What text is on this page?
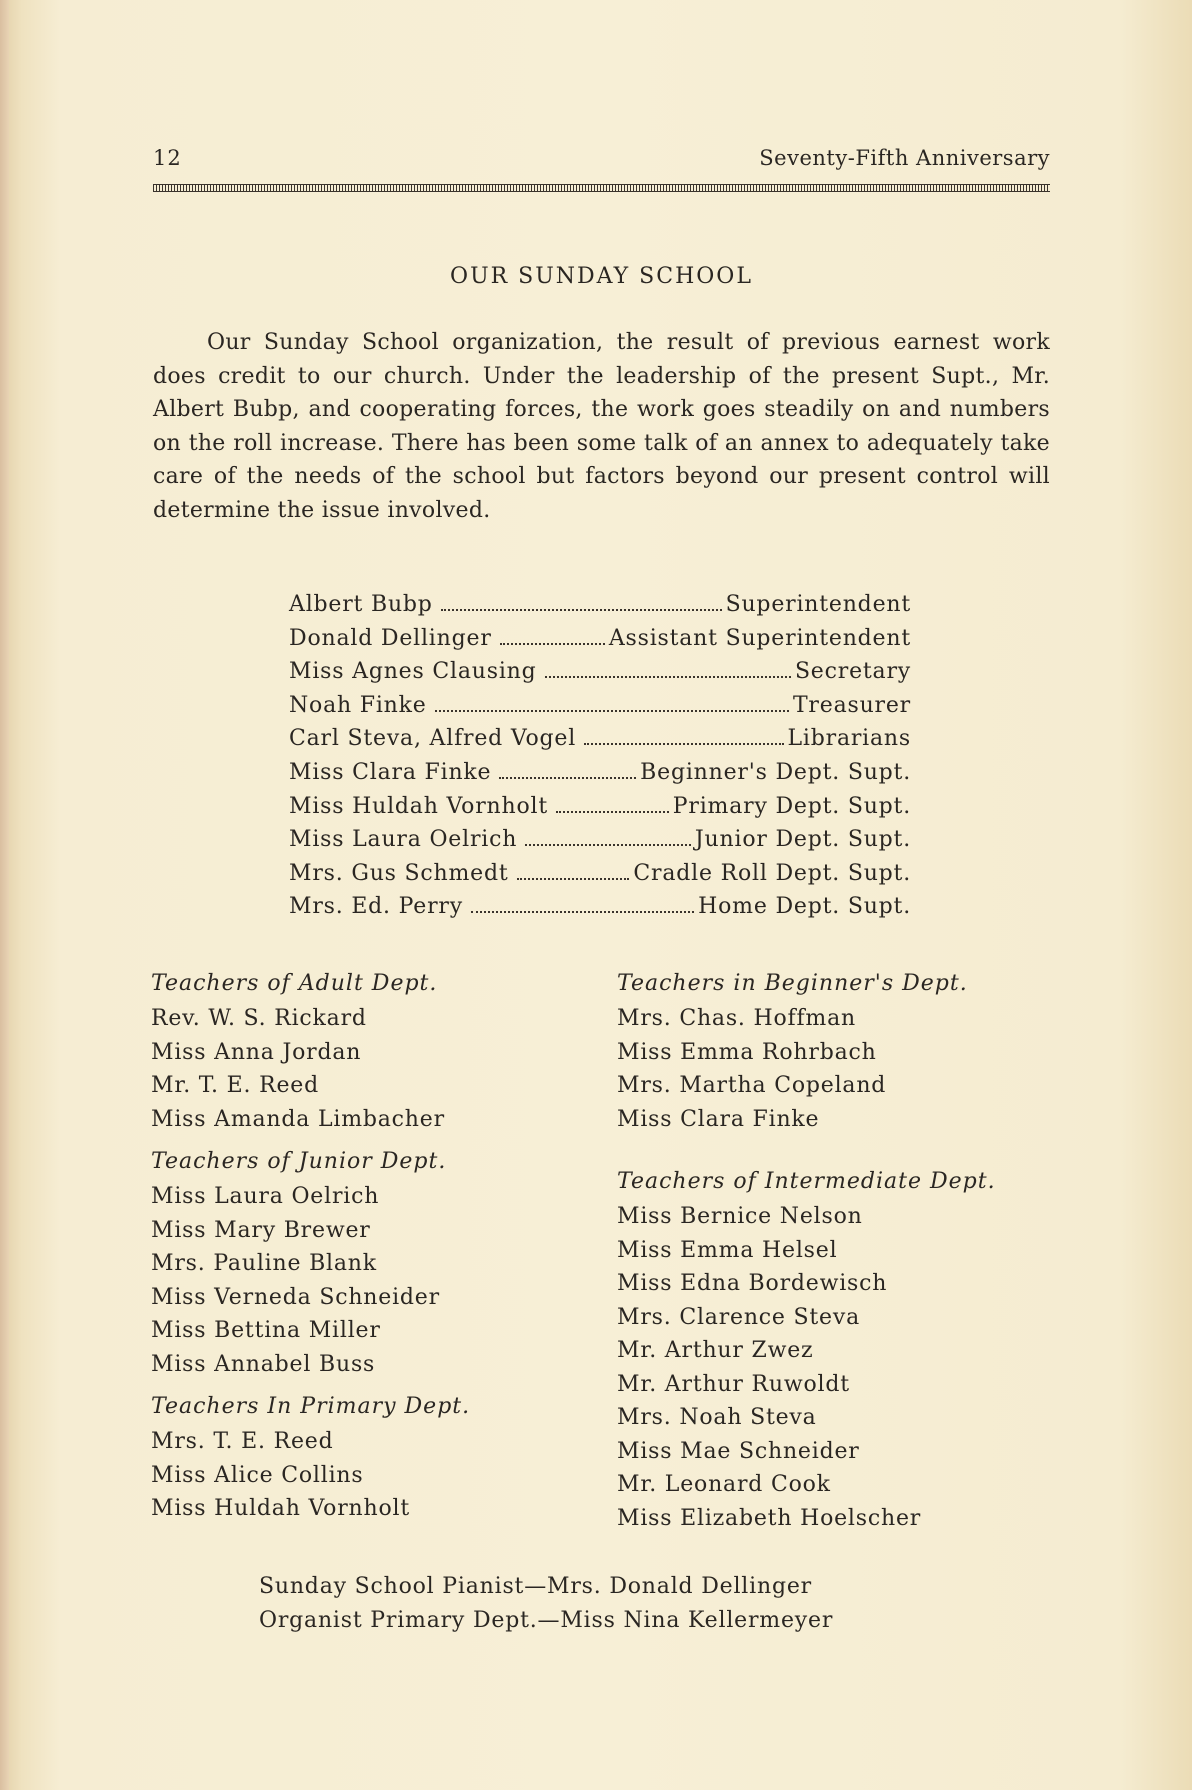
12	Seventy-Fifth Anniversary
OUR SUNDAY SCHOOL

Our Sunday School organization, the result of previous earnest work does credit to our church. Under the leadership of the present Supt., Mr. Albert Bubp, and cooperating forces, the work goes steadily on and numbers on the roll increase. There has been some talk of an annex to adequately take care of the needs of the school but factors beyond our present control will determine the issue involved.

Albert Bubp	Superintendent
Donald Dellinger	Assistant Superintendent
Miss Agnes Clausing	Secretary
Noah Finke	Treasurer
Carl Steva, Alfred Vogel	Librarians
Miss Clara Finke	Beginner's Dept. Supt.
Miss Huldah Vornholt	Primary Dept. Supt.
Miss Laura Oelrich	Junior Dept. Supt.
Mrs. Gus Schmedt	Cradle Roll Dept. Supt.
Mrs. Ed. Perry	Home Dept. Supt.
Teachers of Adult Dept.
Rev. W. S. Rickard
Miss Anna Jordan
Mr. T. E. Reed
Miss Amanda Limbacher
Teachers of Junior Dept.
Miss Laura Oelrich
Miss Mary Brewer
Mrs. Pauline Blank
Miss Verneda Schneider
Miss Bettina Miller
Miss Annabel Buss
Teachers In Primary Dept.
Mrs. T. E. Reed
Miss Alice Collins
Miss Huldah Vornholt
Teachers in Beginner's Dept.
Mrs. Chas. Hoffman
Miss Emma Rohrbach
Mrs. Martha Copeland
Miss Clara Finke
Teachers of Intermediate Dept.
Miss Bernice Nelson
Miss Emma Helsel
Miss Edna Bordewisch
Mrs. Clarence Steva
Mr. Arthur Zwez
Mr. Arthur Ruwoldt
Mrs. Noah Steva
Miss Mae Schneider
Mr. Leonard Cook
Miss Elizabeth Hoelscher
Sunday School Pianist—Mrs. Donald Dellinger
Organist Primary Dept.—Miss Nina Kellermeyer
